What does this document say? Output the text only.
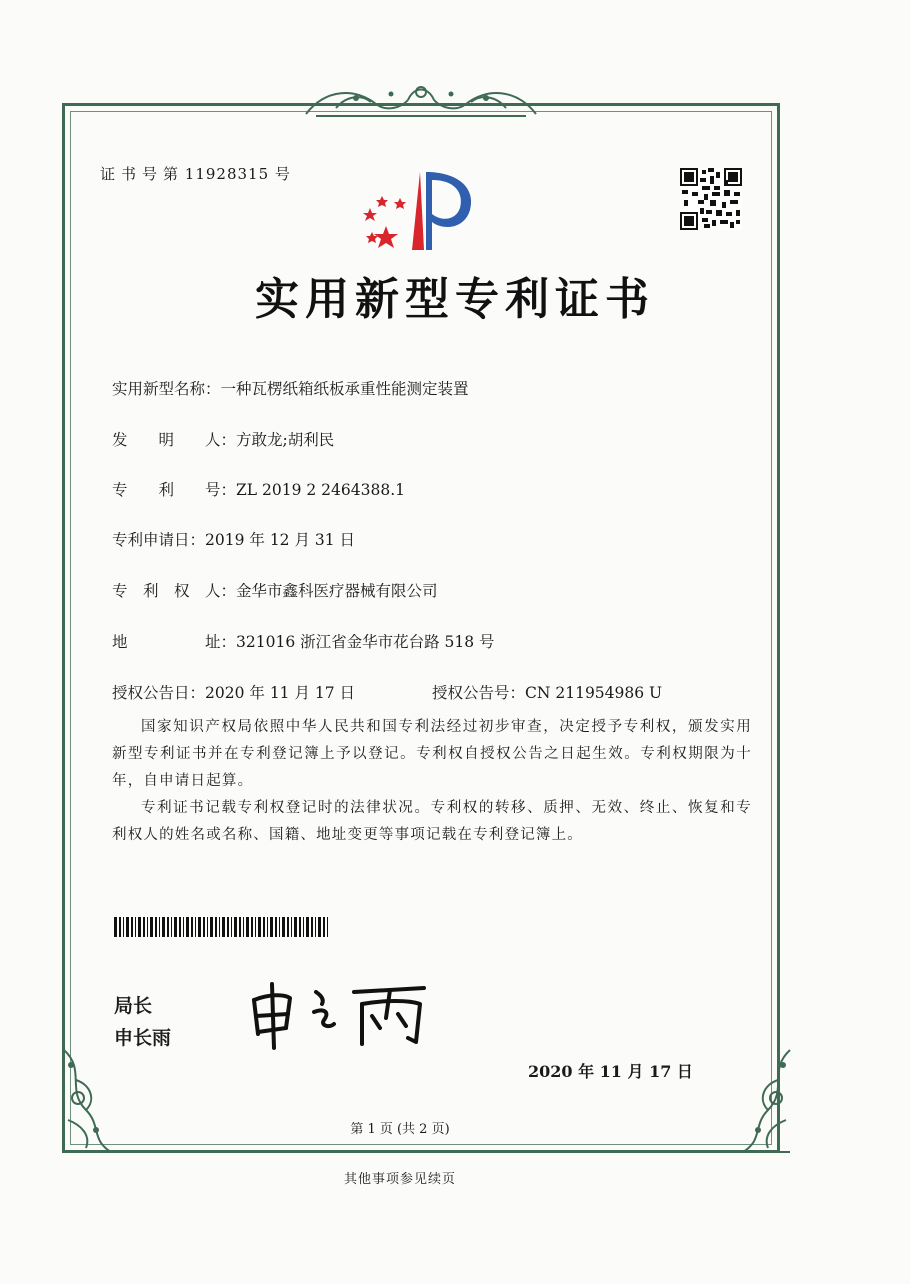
证书号第 11928315 号
实用新型专利证书
实用新型名称：一种瓦楞纸箱纸板承重性能测定装置
发　　明　　人：方敢龙;胡利民
专　　利　　号：ZL 2019 2 2464388.1
专利申请日：2019 年 12 月 31 日
专　利　权　人：金华市鑫科医疗器械有限公司
地　　　　　址：321016 浙江省金华市花台路 518 号
授权公告日：2020 年 11 月 17 日	授权公告号：CN 211954986 U
国家知识产权局依照中华人民共和国专利法经过初步审查，决定授予专利权，颁发实用新型专利证书并在专利登记簿上予以登记。专利权自授权公告之日起生效。专利权期限为十年，自申请日起算。
专利证书记载专利权登记时的法律状况。专利权的转移、质押、无效、终止、恢复和专利权人的姓名或名称、国籍、地址变更等事项记载在专利登记簿上。
局长
申长雨
2020 年 11 月 17 日
第 1 页 (共 2 页)
其他事项参见续页
